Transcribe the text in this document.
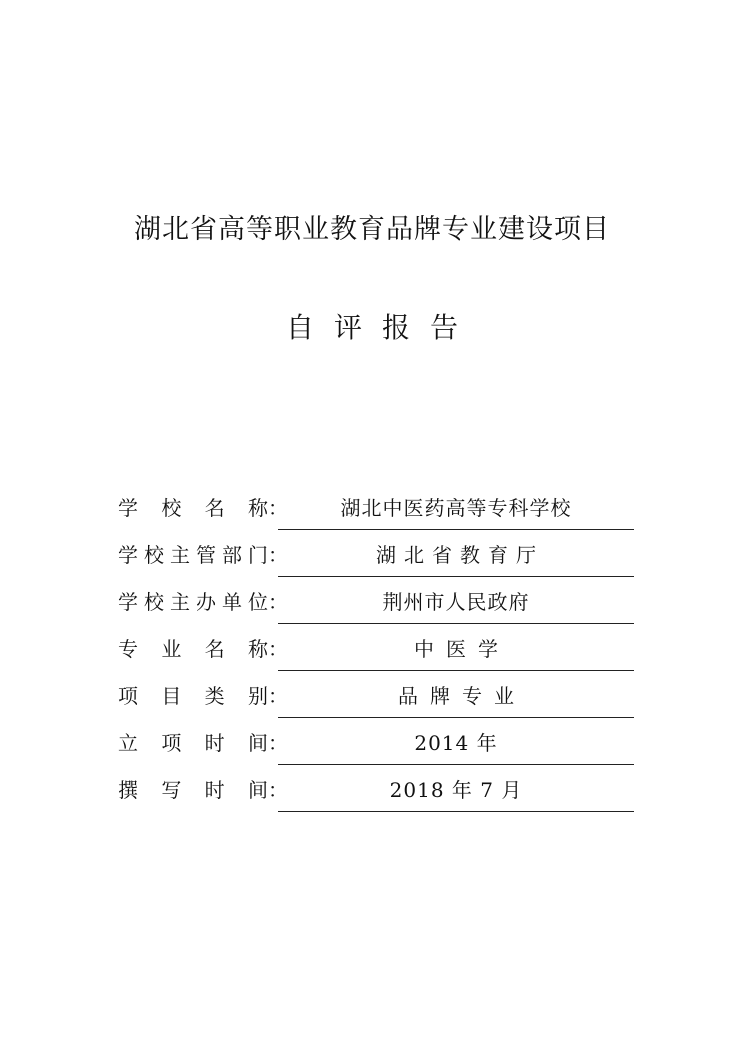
湖北省高等职业教育品牌专业建设项目
自评报告
学校名称 ：	湖北中医药高等专科学校
学校主管部门 ：	湖北省教育厅
学校主办单位 ：	荆州市人民政府
专业名称 ：	中医学
项目类别 ：	品牌专业
立项时间 ：	2014 年
撰写时间 ：	2018 年 7 月
